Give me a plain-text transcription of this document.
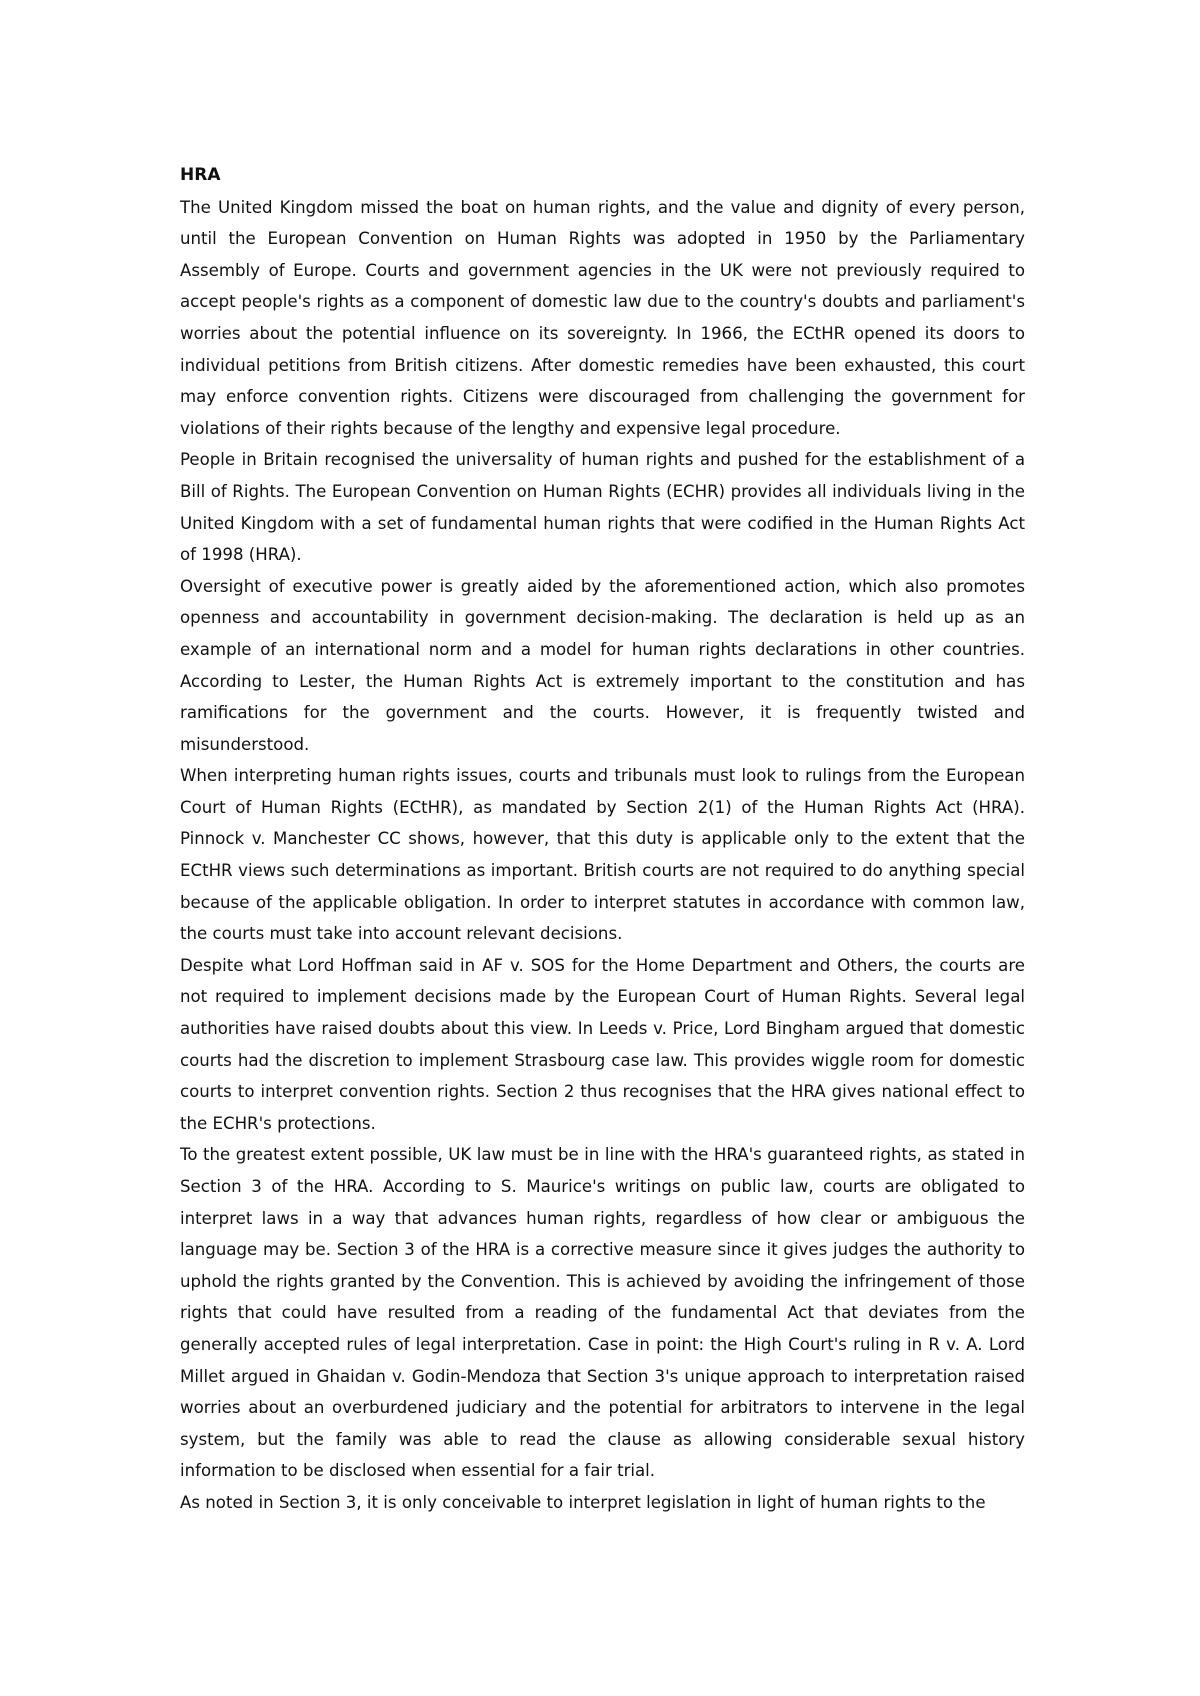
HRA

The United Kingdom missed the boat on human rights, and the value and dignity of every person, until the European Convention on Human Rights was adopted in 1950 by the Parliamentary Assembly of Europe. Courts and government agencies in the UK were not previously required to accept people's rights as a component of domestic law due to the country's doubts and parliament's worries about the potential influence on its sovereignty. In 1966, the ECtHR opened its doors to individual petitions from British citizens. After domestic remedies have been exhausted, this court may enforce convention rights. Citizens were discouraged from challenging the government for violations of their rights because of the lengthy and expensive legal procedure.

People in Britain recognised the universality of human rights and pushed for the establishment of a Bill of Rights. The European Convention on Human Rights (ECHR) provides all individuals living in the United Kingdom with a set of fundamental human rights that were codified in the Human Rights Act of 1998 (HRA).

Oversight of executive power is greatly aided by the aforementioned action, which also promotes openness and accountability in government decision-making. The declaration is held up as an example of an international norm and a model for human rights declarations in other countries. According to Lester, the Human Rights Act is extremely important to the constitution and has ramifications for the government and the courts. However, it is frequently twisted and misunderstood.

When interpreting human rights issues, courts and tribunals must look to rulings from the European Court of Human Rights (ECtHR), as mandated by Section 2(1) of the Human Rights Act (HRA). Pinnock v. Manchester CC shows, however, that this duty is applicable only to the extent that the ECtHR views such determinations as important. British courts are not required to do anything special because of the applicable obligation. In order to interpret statutes in accordance with common law, the courts must take into account relevant decisions.

Despite what Lord Hoffman said in AF v. SOS for the Home Department and Others, the courts are not required to implement decisions made by the European Court of Human Rights. Several legal authorities have raised doubts about this view. In Leeds v. Price, Lord Bingham argued that domestic courts had the discretion to implement Strasbourg case law. This provides wiggle room for domestic courts to interpret convention rights. Section 2 thus recognises that the HRA gives national effect to the ECHR's protections.

To the greatest extent possible, UK law must be in line with the HRA's guaranteed rights, as stated in Section 3 of the HRA. According to S. Maurice's writings on public law, courts are obligated to interpret laws in a way that advances human rights, regardless of how clear or ambiguous the language may be. Section 3 of the HRA is a corrective measure since it gives judges the authority to uphold the rights granted by the Convention. This is achieved by avoiding the infringement of those rights that could have resulted from a reading of the fundamental Act that deviates from the generally accepted rules of legal interpretation. Case in point: the High Court's ruling in R v. A. Lord Millet argued in Ghaidan v. Godin-Mendoza that Section 3's unique approach to interpretation raised worries about an overburdened judiciary and the potential for arbitrators to intervene in the legal system, but the family was able to read the clause as allowing considerable sexual history information to be disclosed when essential for a fair trial.

As noted in Section 3, it is only conceivable to interpret legislation in light of human rights to the
